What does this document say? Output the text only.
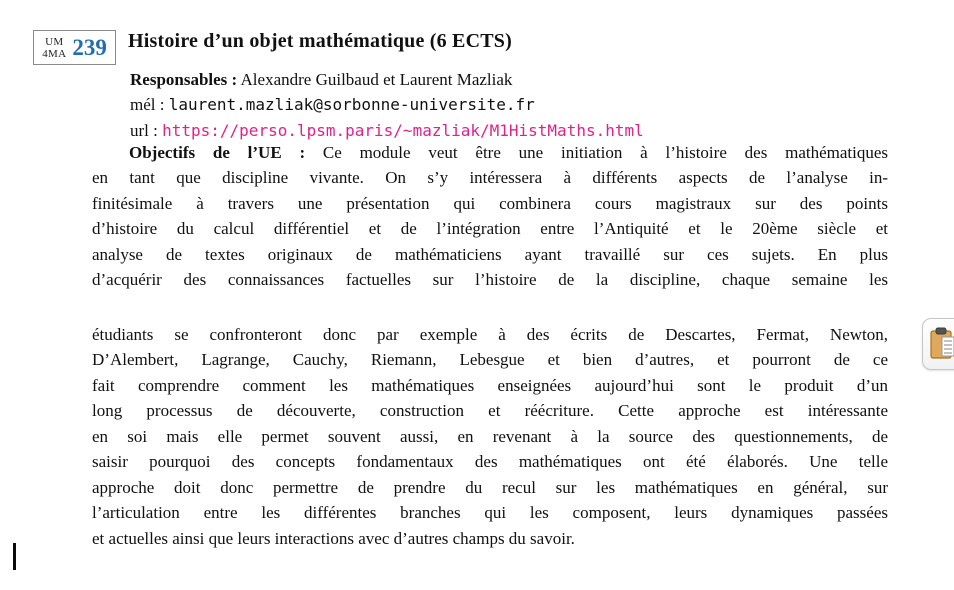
UM
4MA 239 Histoire d’un objet mathématique (6 ECTS)
Responsables : Alexandre Guilbaud et Laurent Mazliak
mél : laurent.mazliak@sorbonne-universite.fr
url : https://perso.lpsm.paris/~mazliak/M1HistMaths.html
Objectifs de l’UE : Ce module veut être une initiation à l’histoire des mathématiques
en tant que discipline vivante. On s’y intéressera à différents aspects de l’analyse in-
finitésimale à travers une présentation qui combinera cours magistraux sur des points
d’histoire du calcul différentiel et de l’intégration entre l’Antiquité et le 20ème siècle et
analyse de textes originaux de mathématiciens ayant travaillé sur ces sujets. En plus
d’acquérir des connaissances factuelles sur l’histoire de la discipline, chaque semaine les
étudiants se confronteront donc par exemple à des écrits de Descartes, Fermat, Newton,
D’Alembert, Lagrange, Cauchy, Riemann, Lebesgue et bien d’autres, et pourront de ce
fait comprendre comment les mathématiques enseignées aujourd’hui sont le produit d’un
long processus de découverte, construction et réécriture. Cette approche est intéressante
en soi mais elle permet souvent aussi, en revenant à la source des questionnements, de
saisir pourquoi des concepts fondamentaux des mathématiques ont été élaborés. Une telle
approche doit donc permettre de prendre du recul sur les mathématiques en général, sur
l’articulation entre les différentes branches qui les composent, leurs dynamiques passées
et actuelles ainsi que leurs interactions avec d’autres champs du savoir.
